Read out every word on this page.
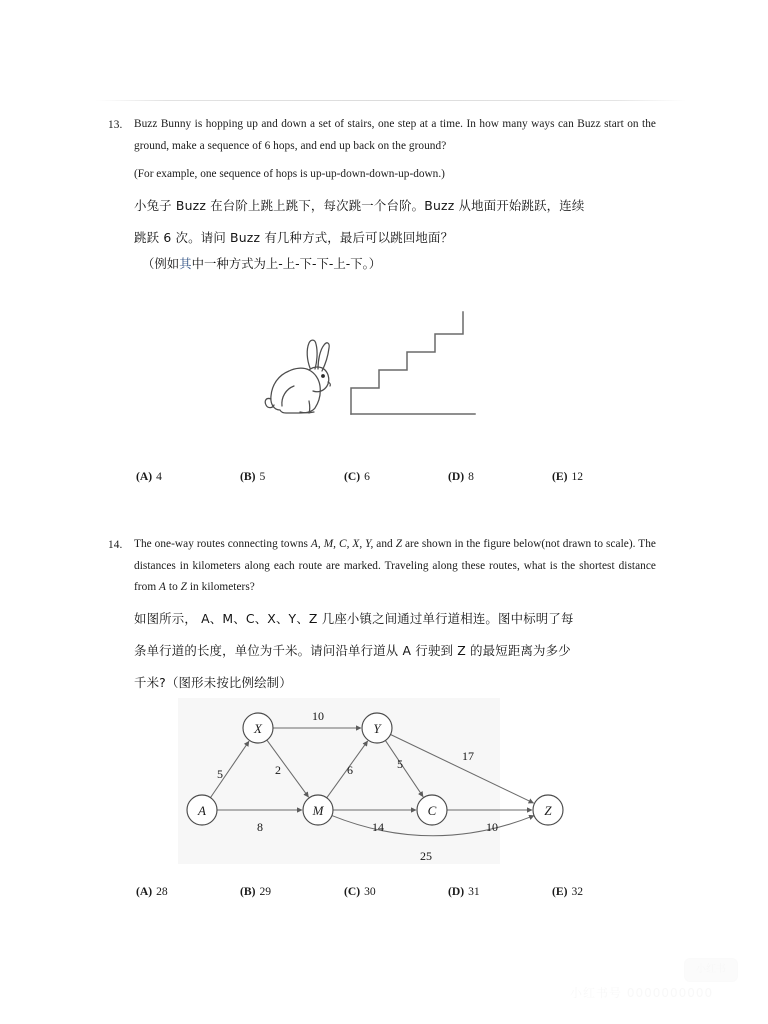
13.	Buzz Bunny is hopping up and down a set of stairs, one step at a time. In how many ways can Buzz start on the ground, make a sequence of 6 hops, and end up back on the ground?
(For example, one sequence of hops is up-up-down-down-up-down.)
小兔子 Buzz 在台阶上跳上跳下，每次跳一个台阶。Buzz 从地面开始跳跃，连续
跳跃 6 次。请问 Buzz 有几种方式，最后可以跳回地面？
（例如其中一种方式为上-上-下-下-上-下。）
(A) 4	(B) 5	(C) 6	(D) 8	(E) 12
14.	The one-way routes connecting towns A, M, C, X, Y, and Z are shown in the figure below(not drawn to scale). The distances in kilometers along each route are marked. Traveling along these routes, what is the shortest distance from A to Z in kilometers?
如图所示， A、M、C、X、Y、Z 几座小镇之间通过单行道相连。图中标明了每
条单行道的长度，单位为千米。请问沿单行道从 A 行驶到 Z 的最短距离为多少
千米?（图形未按比例绘制）
5
10
2
8
6	5
17
14	10
25
A
X
M
Y
C	Z
(A) 28	(B) 29	(C) 30	(D) 31	(E) 32
小红书
小红书号 0000000000
